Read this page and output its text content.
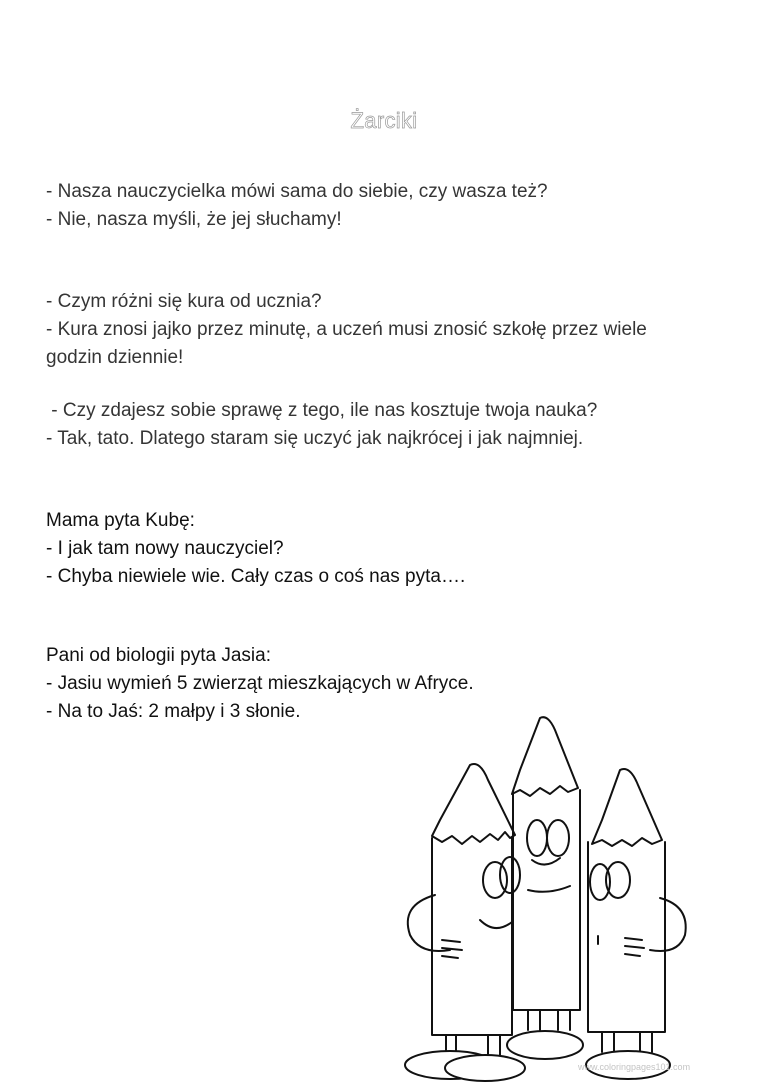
Żarciki
- Nasza nauczycielka mówi sama do siebie, czy wasza też?
- Nie, nasza myśli, że jej słuchamy!
- Czym różni się kura od ucznia?
- Kura znosi jajko przez minutę, a uczeń musi znosić szkołę przez wiele
godzin dziennie!
- Czy zdajesz sobie sprawę z tego, ile nas kosztuje twoja nauka?
- Tak, tato. Dlatego staram się uczyć jak najkrócej i jak najmniej.
Mama pyta Kubę:
- I jak tam nowy nauczyciel?
- Chyba niewiele wie. Cały czas o coś nas pyta….
Pani od biologii pyta Jasia:
- Jasiu wymień 5 zwierząt mieszkających w Afryce.
- Na to Jaś: 2 małpy i 3 słonie.
www.coloringpages101.com
